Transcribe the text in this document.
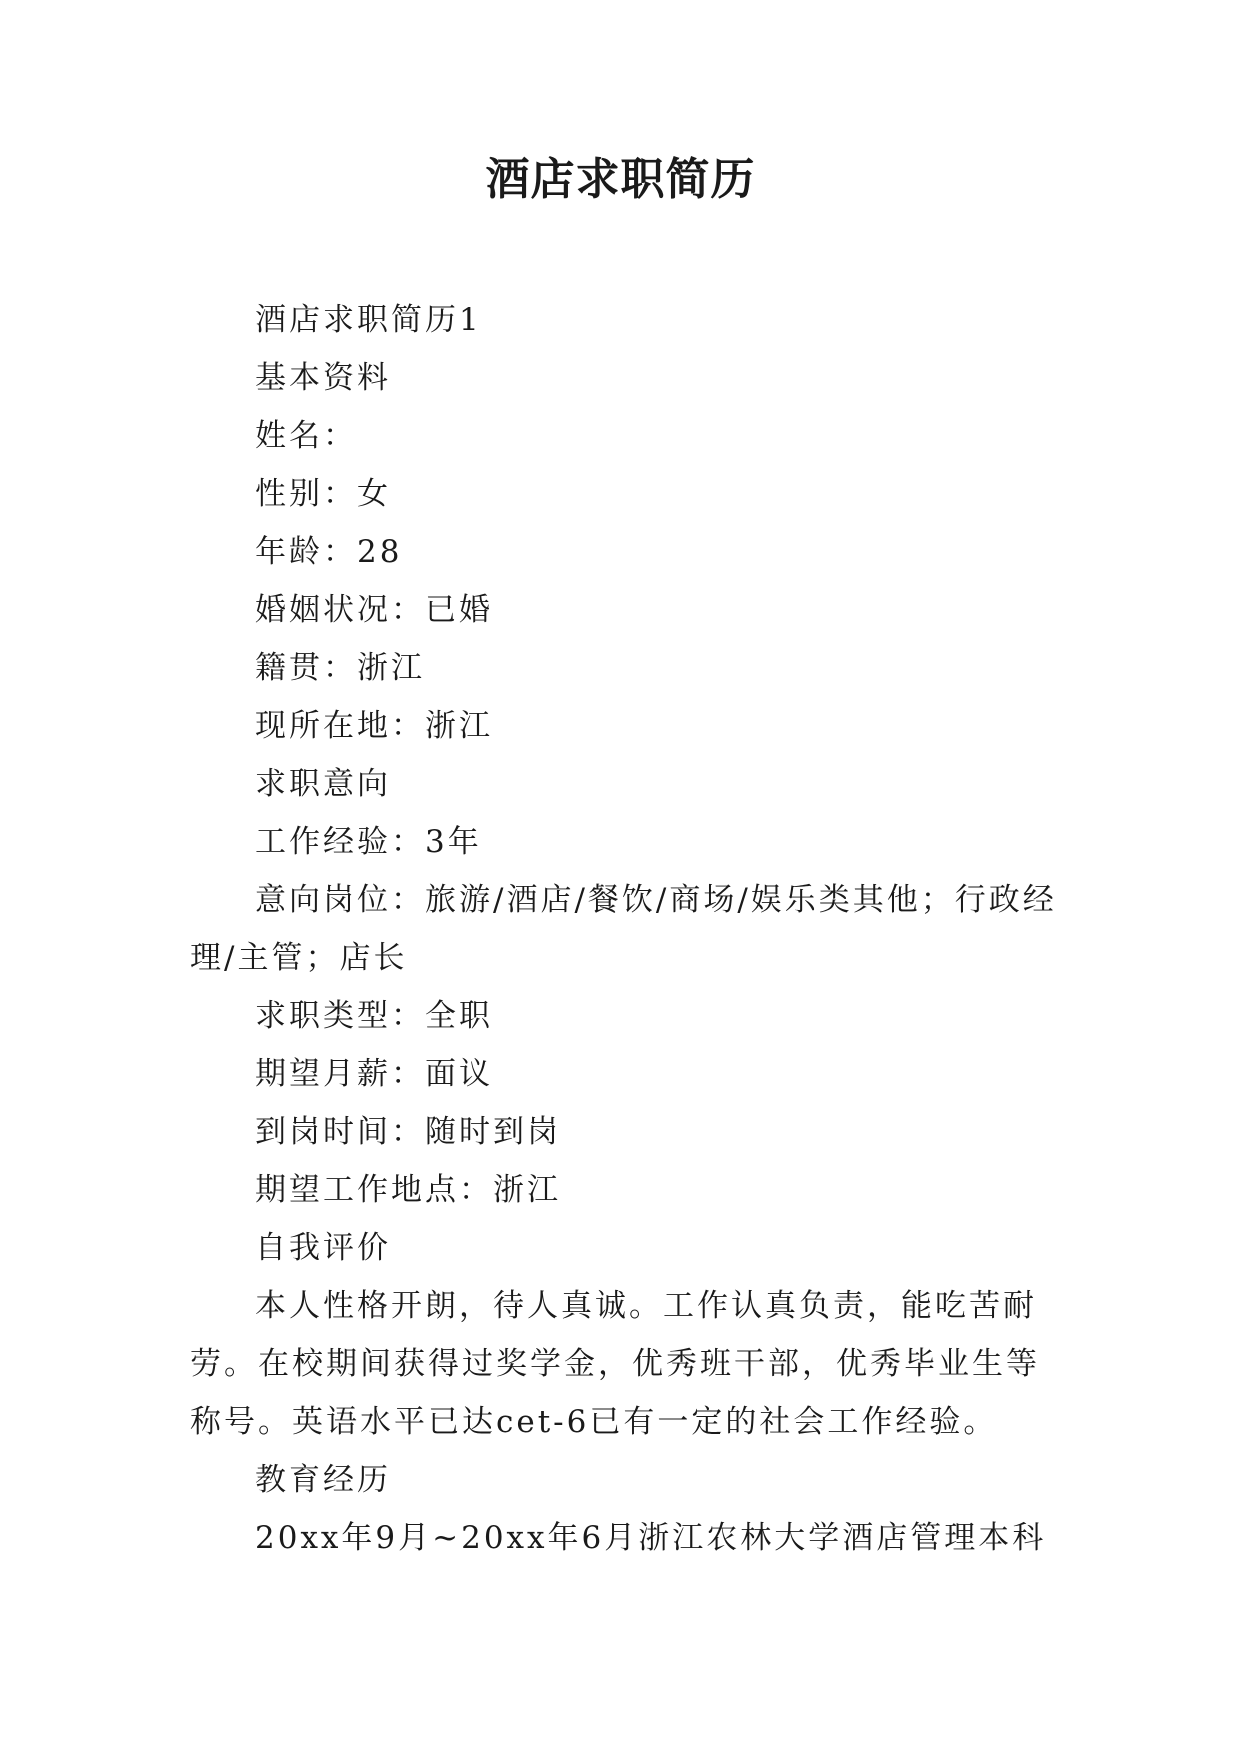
酒店求职简历

酒店求职简历1

基本资料

姓名：

性别：女

年龄：28

婚姻状况：已婚

籍贯：浙江

现所在地：浙江

求职意向

工作经验：3年

意向岗位：旅游/酒店/餐饮/商场/娱乐类其他；行政经理/主管；店长

求职类型：全职

期望月薪：面议

到岗时间：随时到岗

期望工作地点：浙江

自我评价

本人性格开朗，待人真诚。工作认真负责，能吃苦耐劳。在校期间获得过奖学金，优秀班干部，优秀毕业生等称号。英语水平已达cet-6已有一定的社会工作经验。

教育经历

20xx年9月~20xx年6月浙江农林大学酒店管理本科
